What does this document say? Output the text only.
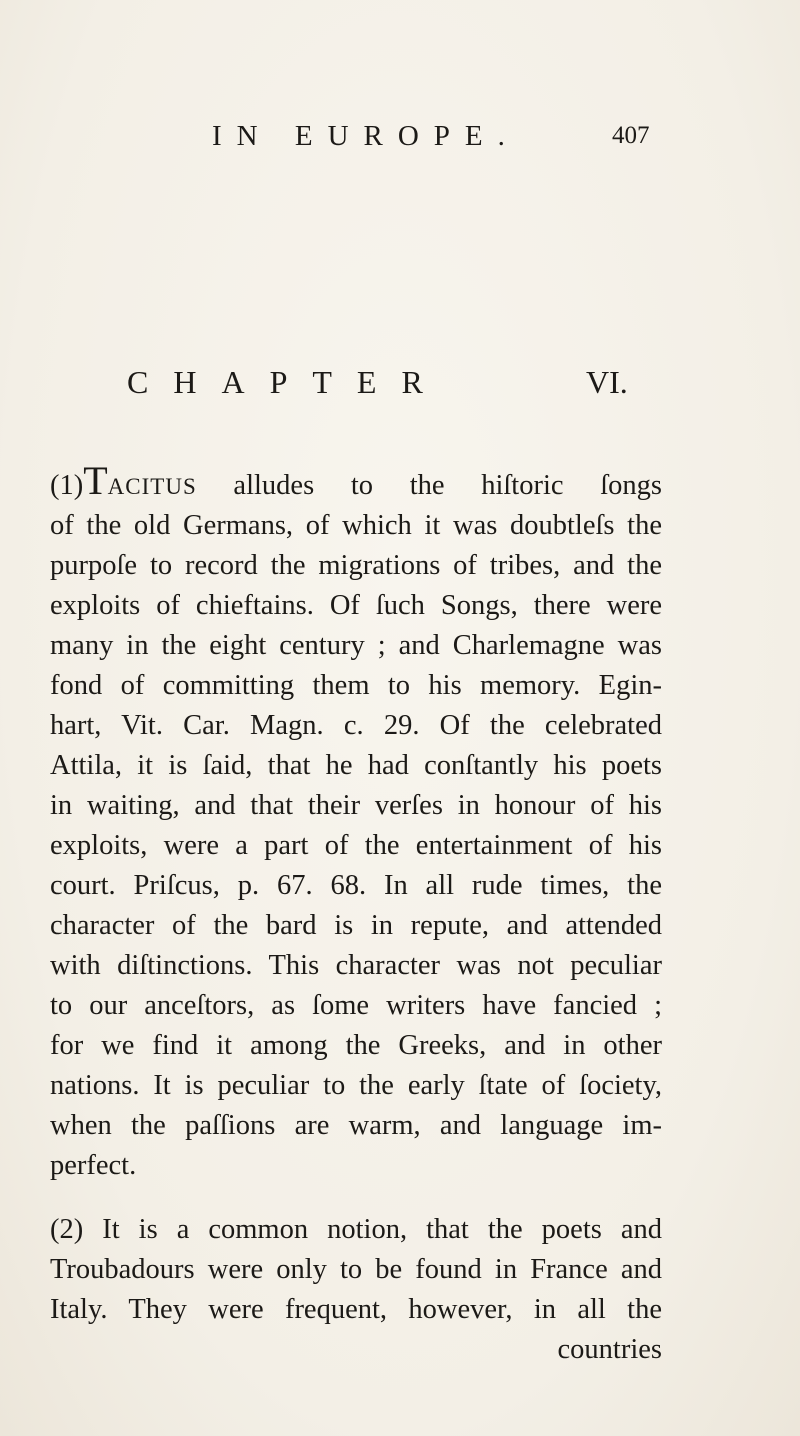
IN EUROPE.	407
CHAPTER	VI.
(1)TACITUS alludes to the hiſtoric ſongs
of the old Germans, of which it was doubtleſs the
purpoſe to record the migrations of tribes, and the
exploits of chieftains. Of ſuch Songs, there were
many in the eight century ; and Charlemagne was
fond of committing them to his memory. Egin-
hart, Vit. Car. Magn. c. 29. Of the celebrated
Attila, it is ſaid, that he had conſtantly his poets
in waiting, and that their verſes in honour of his
exploits, were a part of the entertainment of his
court. Priſcus, p. 67. 68. In all rude times, the
character of the bard is in repute, and attended
with diſtinctions. This character was not peculiar
to our anceſtors, as ſome writers have fancied ;
for we find it among the Greeks, and in other
nations. It is peculiar to the early ſtate of ſociety,
when the paſſions are warm, and language im-
perfect.
(2) It is a common notion, that the poets and
Troubadours were only to be found in France and
Italy. They were frequent, however, in all the
countries
